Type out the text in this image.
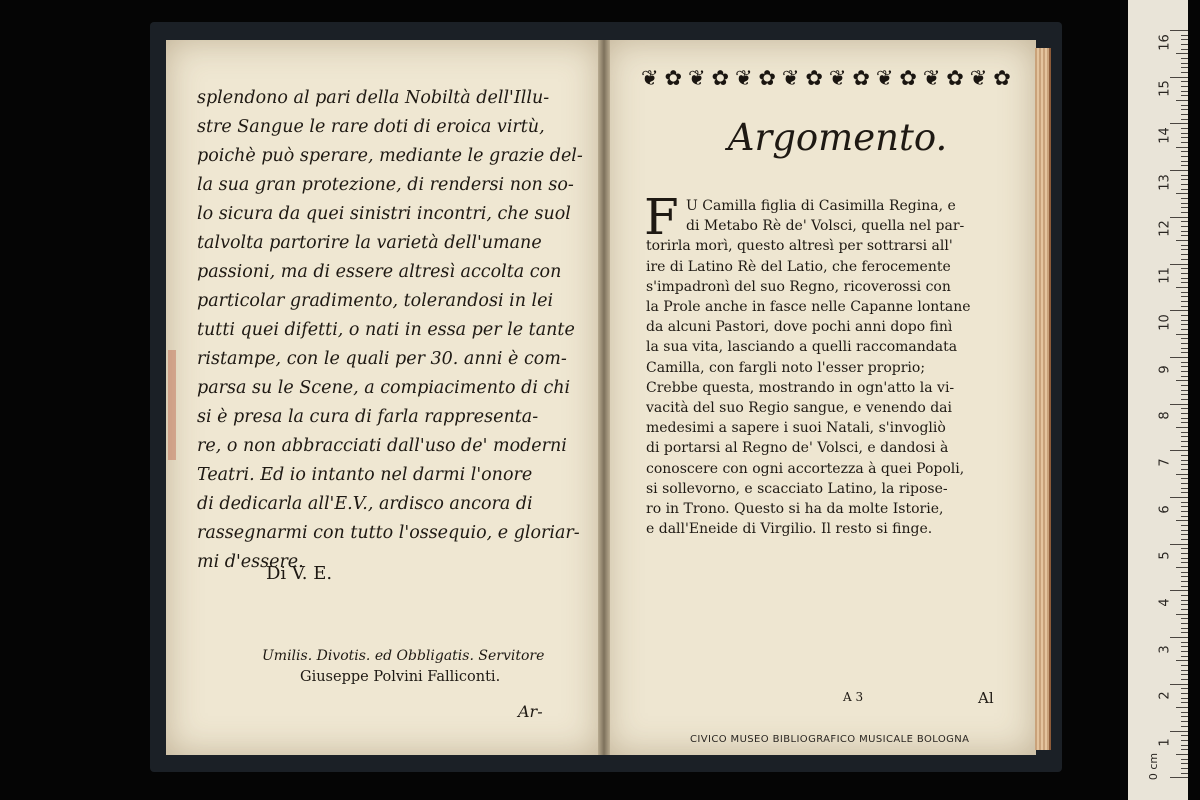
splendono al pari della Nobiltà dell'Illu-
stre Sangue le rare doti di eroica virtù,
poichè può sperare, mediante le grazie del-
la sua gran protezione, di rendersi non so-
lo sicura da quei sinistri incontri, che suol
talvolta partorire la varietà dell'umane
passioni, ma di essere altresì accolta con
particolar gradimento, tolerandosi in lei
tutti quei difetti, o nati in essa per le tante
ristampe, con le quali per 30. anni è com-
parsa su le Scene, a compiacimento di chi
si è presa la cura di farla rappresenta-
re, o non abbracciati dall'uso de' moderni
Teatri. Ed io intanto nel darmi l'onore
di dedicarla all'E.V., ardisco ancora di
rassegnarmi con tutto l'ossequio, e gloriar-
mi d'essere.
Di V. E.
Umilis. Divotis. ed Obbligatis. Servitore
Giuseppe Polvini Falliconti.
Ar-
❦ ✿ ❦ ✿ ❦ ✿ ❦ ✿ ❦ ✿ ❦ ✿ ❦ ✿ ❦ ✿
Argomento.
F U Camilla figlia di Casimilla Regina, e
di Metabo Rè de' Volsci, quella nel par-
torirla morì, questo altresì per sottrarsi all'
ire di Latino Rè del Latio, che ferocemente
s'impadronì del suo Regno, ricoverossi con
la Prole anche in fasce nelle Capanne lontane
da alcuni Pastori, dove pochi anni dopo finì
la sua vita, lasciando a quelli raccomandata
Camilla, con fargli noto l'esser proprio;
Crebbe questa, mostrando in ogn'atto la vi-
vacità del suo Regio sangue, e venendo dai
medesimi a sapere i suoi Natali, s'invogliò
di portarsi al Regno de' Volsci, e dandosi à
conoscere con ogni accortezza à quei Popoli,
si sollevorno, e scacciato Latino, la ripose-
ro in Trono. Questo si ha da molte Istorie,
e dall'Eneide di Virgilio. Il resto si finge.
A 3	Al
CIVICO MUSEO BIBLIOGRAFICO MUSICALE BOLOGNA
0 cm
16
15
14
13
12
11
10
9
8
7
6
5
4
3
2
1
